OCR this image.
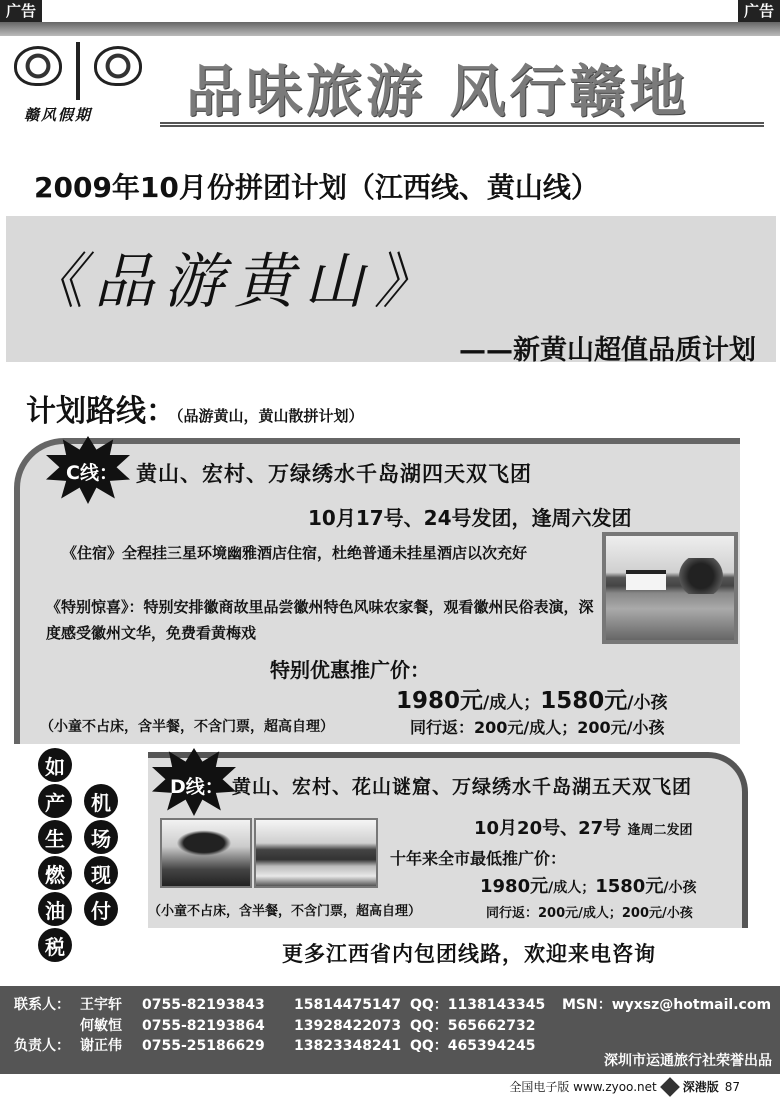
广告	广告
赣风假期 品味旅游 风行赣地
2009年10月份拼团计划（江西线、黄山线）
《品游黄山》
——新黄山超值品质计划
计划路线：（品游黄山，黄山散拼计划）
C线： 黄山、宏村、万绿绣水千岛湖四天双飞团
10月17号、24号发团，逢周六发团
《住宿》全程挂三星环境幽雅酒店住宿，杜绝普通未挂星酒店以次充好
《特别惊喜》：特别安排徽商故里品尝徽州特色风味农家餐，观看徽州民俗表演，深度感受徽州文华，免费看黄梅戏
特别优惠推广价：
1980元/成人；1580元/小孩
（小童不占床，含半餐，不含门票，超高自理）	同行返：200元/成人；200元/小孩
如
产
生
燃
油
税
机
场
现
付
D线： 黄山、宏村、花山谜窟、万绿绣水千岛湖五天双飞团
10月20号、27号 逢周二发团
十年来全市最低推广价：
1980元/成人；1580元/小孩
（小童不占床，含半餐，不含门票，超高自理）	同行返：200元/成人；200元/小孩
更多江西省内包团线路，欢迎来电咨询
联系人： 王宇轩 0755-82193843 15814475147 QQ：1138143345 MSN：wyxsz@hotmail.com
何敏恒 0755-82193864 13928422073 QQ：565662732
负责人： 谢正伟 0755-25186629 13823348241 QQ：465394245
深圳市运通旅行社荣誉出品
全国电子版 www.zyoo.net 深港版 87
